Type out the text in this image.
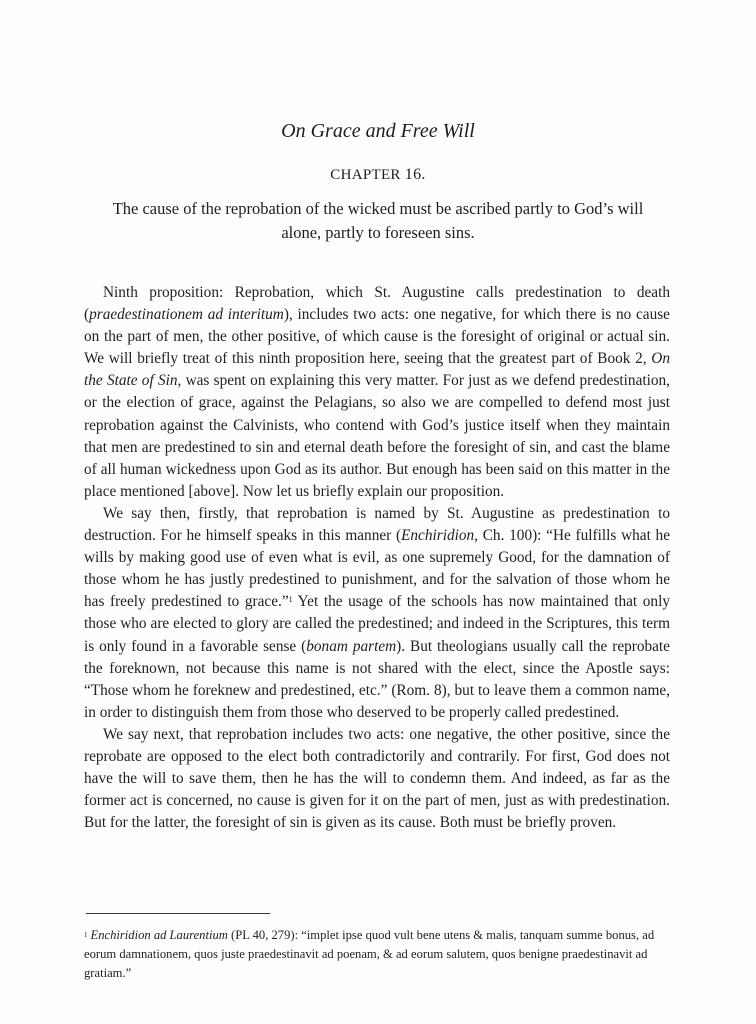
On Grace and Free Will
CHAPTER 16.

The cause of the reprobation of the wicked must be ascribed partly to God’s will alone, partly to foreseen sins.

Ninth proposition: Reprobation, which St. Augustine calls predestination to death (praedestinationem ad interitum), includes two acts: one negative, for which there is no cause on the part of men, the other positive, of which cause is the foresight of original or actual sin. We will briefly treat of this ninth proposition here, seeing that the greatest part of Book 2, On the State of Sin, was spent on explaining this very matter. For just as we defend predestination, or the election of grace, against the Pelagians, so also we are compelled to defend most just reprobation against the Calvinists, who contend with God’s justice itself when they maintain that men are predestined to sin and eternal death before the foresight of sin, and cast the blame of all human wickedness upon God as its author. But enough has been said on this matter in the place mentioned [above]. Now let us briefly explain our proposition.

We say then, firstly, that reprobation is named by St. Augustine as predestination to destruction. For he himself speaks in this manner (Enchiridion, Ch. 100): “He fulfills what he wills by making good use of even what is evil, as one supremely Good, for the damnation of those whom he has justly predestined to punishment, and for the salvation of those whom he has freely predestined to grace.”$^1$ Yet the usage of the schools has now maintained that only those who are elected to glory are called the predestined; and indeed in the Scriptures, this term is only found in a favorable sense (bonam partem). But theologians usually call the reprobate the foreknown, not because this name is not shared with the elect, since the Apostle says: “Those whom he foreknew and predestined, etc.” (Rom. 8), but to leave them a common name, in order to distinguish them from those who deserved to be properly called predestined.

We say next, that reprobation includes two acts: one negative, the other positive, since the reprobate are opposed to the elect both contradictorily and contrarily. For first, God does not have the will to save them, then he has the will to condemn them. And indeed, as far as the former act is concerned, no cause is given for it on the part of men, just as with predestination. But for the latter, the foresight of sin is given as its cause. Both must be briefly proven.

$^1$ Enchiridion ad Laurentium (PL 40, 279): “implet ipse quod vult bene utens & malis, tanquam summe bonus, ad eorum damnationem, quos juste praedestinavit ad poenam, & ad eorum salutem, quos benigne praedestinavit ad gratiam.”
